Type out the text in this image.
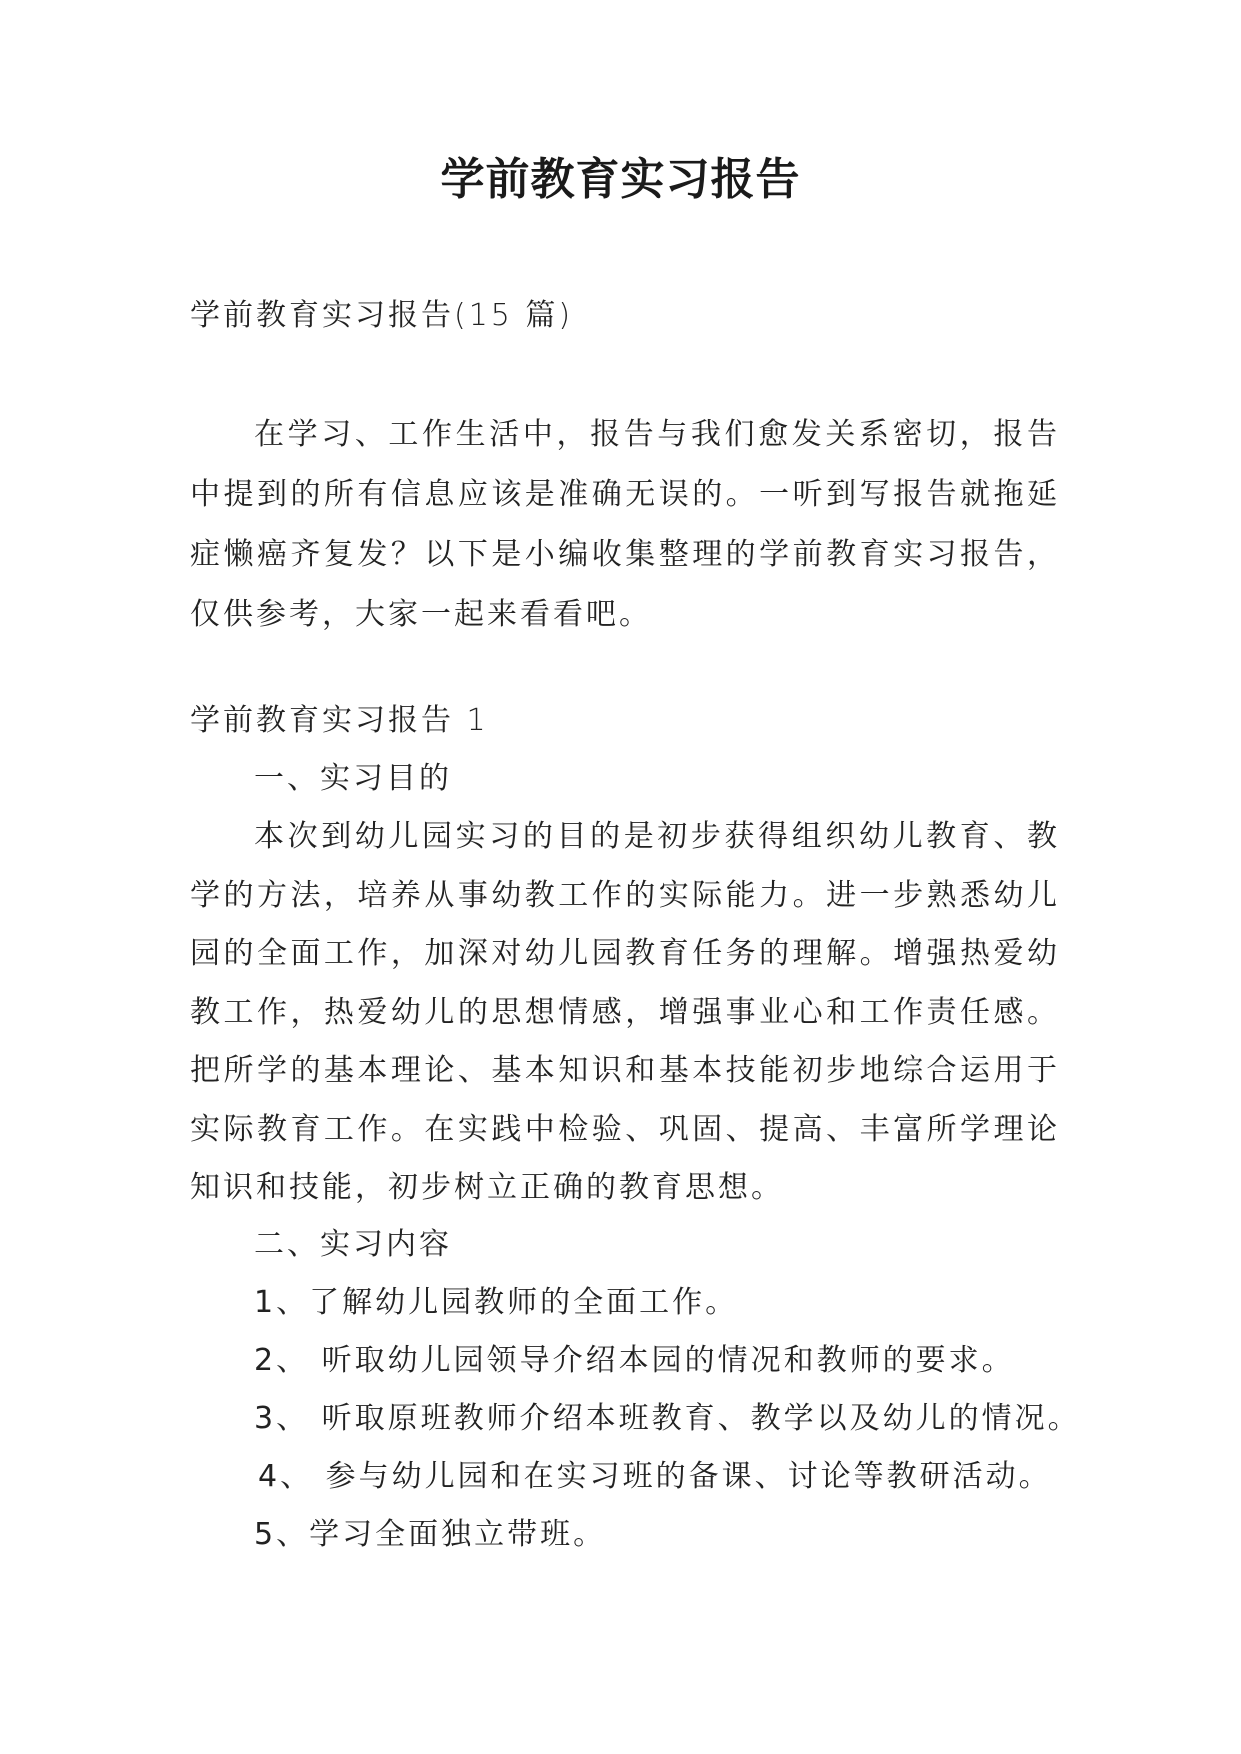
学前教育实习报告

学前教育实习报告(15 篇)

在学习、工作生活中，报告与我们愈发关系密切，报告中提到的所有信息应该是准确无误的。一听到写报告就拖延症懒癌齐复发？以下是小编收集整理的学前教育实习报告，仅供参考，大家一起来看看吧。

学前教育实习报告 1

一、实习目的

本次到幼儿园实习的目的是初步获得组织幼儿教育、教学的方法，培养从事幼教工作的实际能力。进一步熟悉幼儿园的全面工作，加深对幼儿园教育任务的理解。增强热爱幼教工作，热爱幼儿的思想情感，增强事业心和工作责任感。把所学的基本理论、基本知识和基本技能初步地综合运用于实际教育工作。在实践中检验、巩固、提高、丰富所学理论知识和技能，初步树立正确的教育思想。

二、实习内容

1、了解幼儿园教师的全面工作。

2、 听取幼儿园领导介绍本园的情况和教师的要求。

3、 听取原班教师介绍本班教育、教学以及幼儿的情况。

4、 参与幼儿园和在实习班的备课、讨论等教研活动。

5、学习全面独立带班。
